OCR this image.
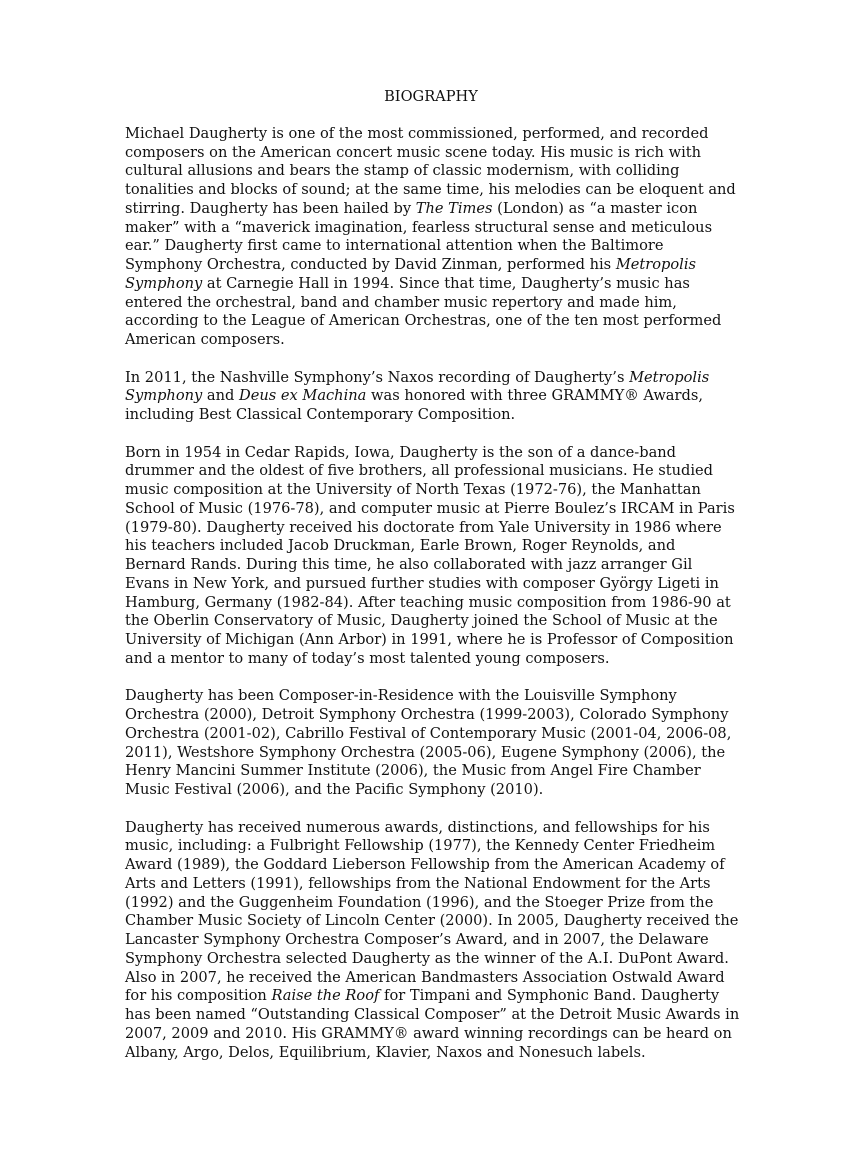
BIOGRAPHY
Michael Daugherty is one of the most commissioned, performed, and recorded
composers on the American concert music scene today. His music is rich with
cultural allusions and bears the stamp of classic modernism, with colliding
tonalities and blocks of sound; at the same time, his melodies can be eloquent and
stirring. Daugherty has been hailed by The Times (London) as “a master icon
maker” with a “maverick imagination, fearless structural sense and meticulous
ear.” Daugherty first came to international attention when the Baltimore
Symphony Orchestra, conducted by David Zinman, performed his Metropolis
Symphony at Carnegie Hall in 1994. Since that time, Daugherty’s music has
entered the orchestral, band and chamber music repertory and made him,
according to the League of American Orchestras, one of the ten most performed
American composers.
In 2011, the Nashville Symphony’s Naxos recording of Daugherty’s Metropolis
Symphony and Deus ex Machina was honored with three GRAMMY® Awards,
including Best Classical Contemporary Composition.
Born in 1954 in Cedar Rapids, Iowa, Daugherty is the son of a dance-band
drummer and the oldest of five brothers, all professional musicians. He studied
music composition at the University of North Texas (1972-76), the Manhattan
School of Music (1976-78), and computer music at Pierre Boulez’s IRCAM in Paris
(1979-80). Daugherty received his doctorate from Yale University in 1986 where
his teachers included Jacob Druckman, Earle Brown, Roger Reynolds, and
Bernard Rands. During this time, he also collaborated with jazz arranger Gil
Evans in New York, and pursued further studies with composer György Ligeti in
Hamburg, Germany (1982-84). After teaching music composition from 1986-90 at
the Oberlin Conservatory of Music, Daugherty joined the School of Music at the
University of Michigan (Ann Arbor) in 1991, where he is Professor of Composition
and a mentor to many of today’s most talented young composers.
Daugherty has been Composer-in-Residence with the Louisville Symphony
Orchestra (2000), Detroit Symphony Orchestra (1999-2003), Colorado Symphony
Orchestra (2001-02), Cabrillo Festival of Contemporary Music (2001-04, 2006-08,
2011), Westshore Symphony Orchestra (2005-06), Eugene Symphony (2006), the
Henry Mancini Summer Institute (2006), the Music from Angel Fire Chamber
Music Festival (2006), and the Pacific Symphony (2010).
Daugherty has received numerous awards, distinctions, and fellowships for his
music, including: a Fulbright Fellowship (1977), the Kennedy Center Friedheim
Award (1989), the Goddard Lieberson Fellowship from the American Academy of
Arts and Letters (1991), fellowships from the National Endowment for the Arts
(1992) and the Guggenheim Foundation (1996), and the Stoeger Prize from the
Chamber Music Society of Lincoln Center (2000). In 2005, Daugherty received the
Lancaster Symphony Orchestra Composer’s Award, and in 2007, the Delaware
Symphony Orchestra selected Daugherty as the winner of the A.I. DuPont Award.
Also in 2007, he received the American Bandmasters Association Ostwald Award
for his composition Raise the Roof for Timpani and Symphonic Band. Daugherty
has been named “Outstanding Classical Composer” at the Detroit Music Awards in
2007, 2009 and 2010. His GRAMMY® award winning recordings can be heard on
Albany, Argo, Delos, Equilibrium, Klavier, Naxos and Nonesuch labels.
